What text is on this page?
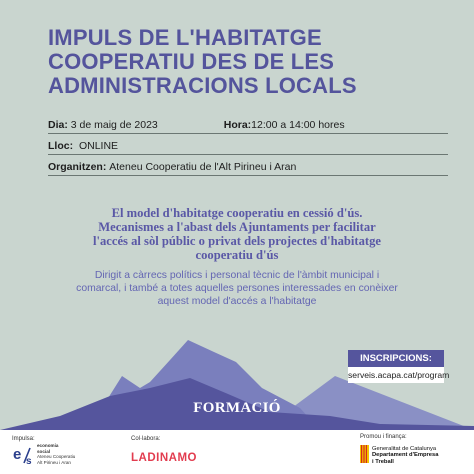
IMPULS DE L'HABITATGE
COOPERATIU DES DE LES
ADMINISTRACIONS LOCALS
Dia:
3 de maig de 2023	Hora: 12:00 a 14:00 hores
Lloc:
ONLINE
Organitzen:
Ateneu Cooperatiu de l'Alt Pirineu i Aran
El model d'habitatge cooperatiu en cessió d'ús.
Mecanismes a l'abast dels Ajuntaments per facilitar
l'accés al sòl públic o privat dels projectes d'habitatge
cooperatiu d'ús
Dirigit a càrrecs polítics i personal tècnic de l'àmbit municipal i
comarcal, i també a totes aquelles persones interessades en conèixer
aquest model d'accés a l'habitatge
INSCRIPCIONS:
serveis.acapa.cat/program
FORMACIÓ
Impulsa:
e s
economia
social
Ateneu Cooperatiu
Alt Pirineu i Aran
Col·labora:
LADINAMO
Promou i finança:
Generalitat de Catalunya
Departament d'Empresa
i Treball
